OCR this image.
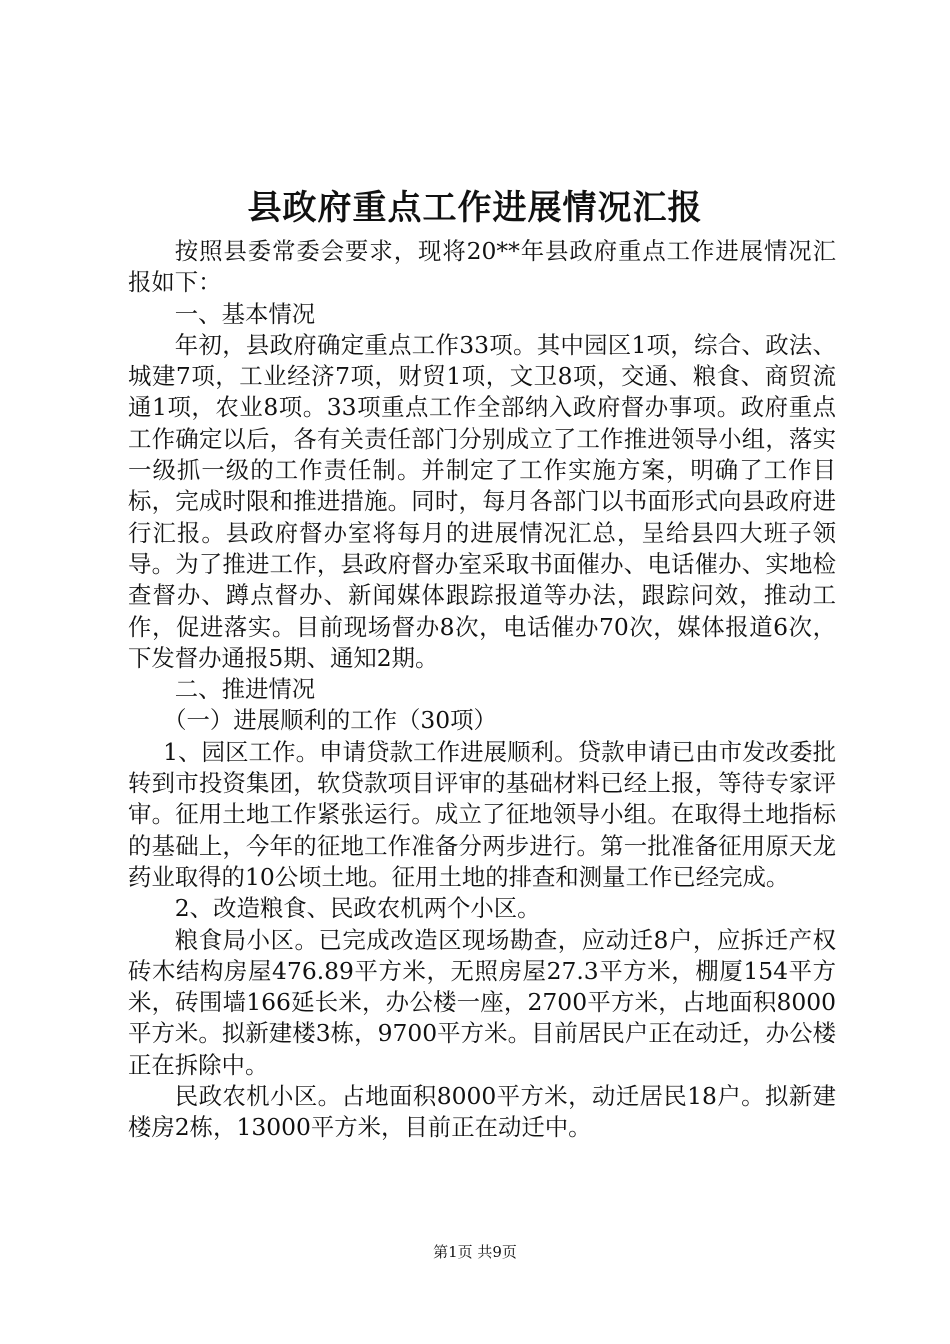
县政府重点工作进展情况汇报

按照县委常委会要求，现将20**年县政府重点工作进展情况汇报如下：

一、基本情况

年初，县政府确定重点工作33项。其中园区1项，综合、政法、城建7项，工业经济7项，财贸1项，文卫8项，交通、粮食、商贸流通1项，农业8项。33项重点工作全部纳入政府督办事项。政府重点工作确定以后，各有关责任部门分别成立了工作推进领导小组，落实一级抓一级的工作责任制。并制定了工作实施方案，明确了工作目标，完成时限和推进措施。同时，每月各部门以书面形式向县政府进行汇报。县政府督办室将每月的进展情况汇总，呈给县四大班子领导。为了推进工作，县政府督办室采取书面催办、电话催办、实地检查督办、蹲点督办、新闻媒体跟踪报道等办法，跟踪问效，推动工作，促进落实。目前现场督办8次，电话催办70次，媒体报道6次，下发督办通报5期、通知2期。

二、推进情况

（一）进展顺利的工作（30项）

1、园区工作。申请贷款工作进展顺利。贷款申请已由市发改委批转到市投资集团，软贷款项目评审的基础材料已经上报，等待专家评审。征用土地工作紧张运行。成立了征地领导小组。在取得土地指标的基础上，今年的征地工作准备分两步进行。第一批准备征用原天龙药业取得的10公顷土地。征用土地的排查和测量工作已经完成。

2、改造粮食、民政农机两个小区。

粮食局小区。已完成改造区现场勘查，应动迁8户，应拆迁产权砖木结构房屋476.89平方米，无照房屋27.3平方米，棚厦154平方米，砖围墙166延长米，办公楼一座，2700平方米，占地面积8000平方米。拟新建楼3栋，9700平方米。目前居民户正在动迁，办公楼正在拆除中。

民政农机小区。占地面积8000平方米，动迁居民18户。拟新建楼房2栋，13000平方米，目前正在动迁中。

第1页 共9页
